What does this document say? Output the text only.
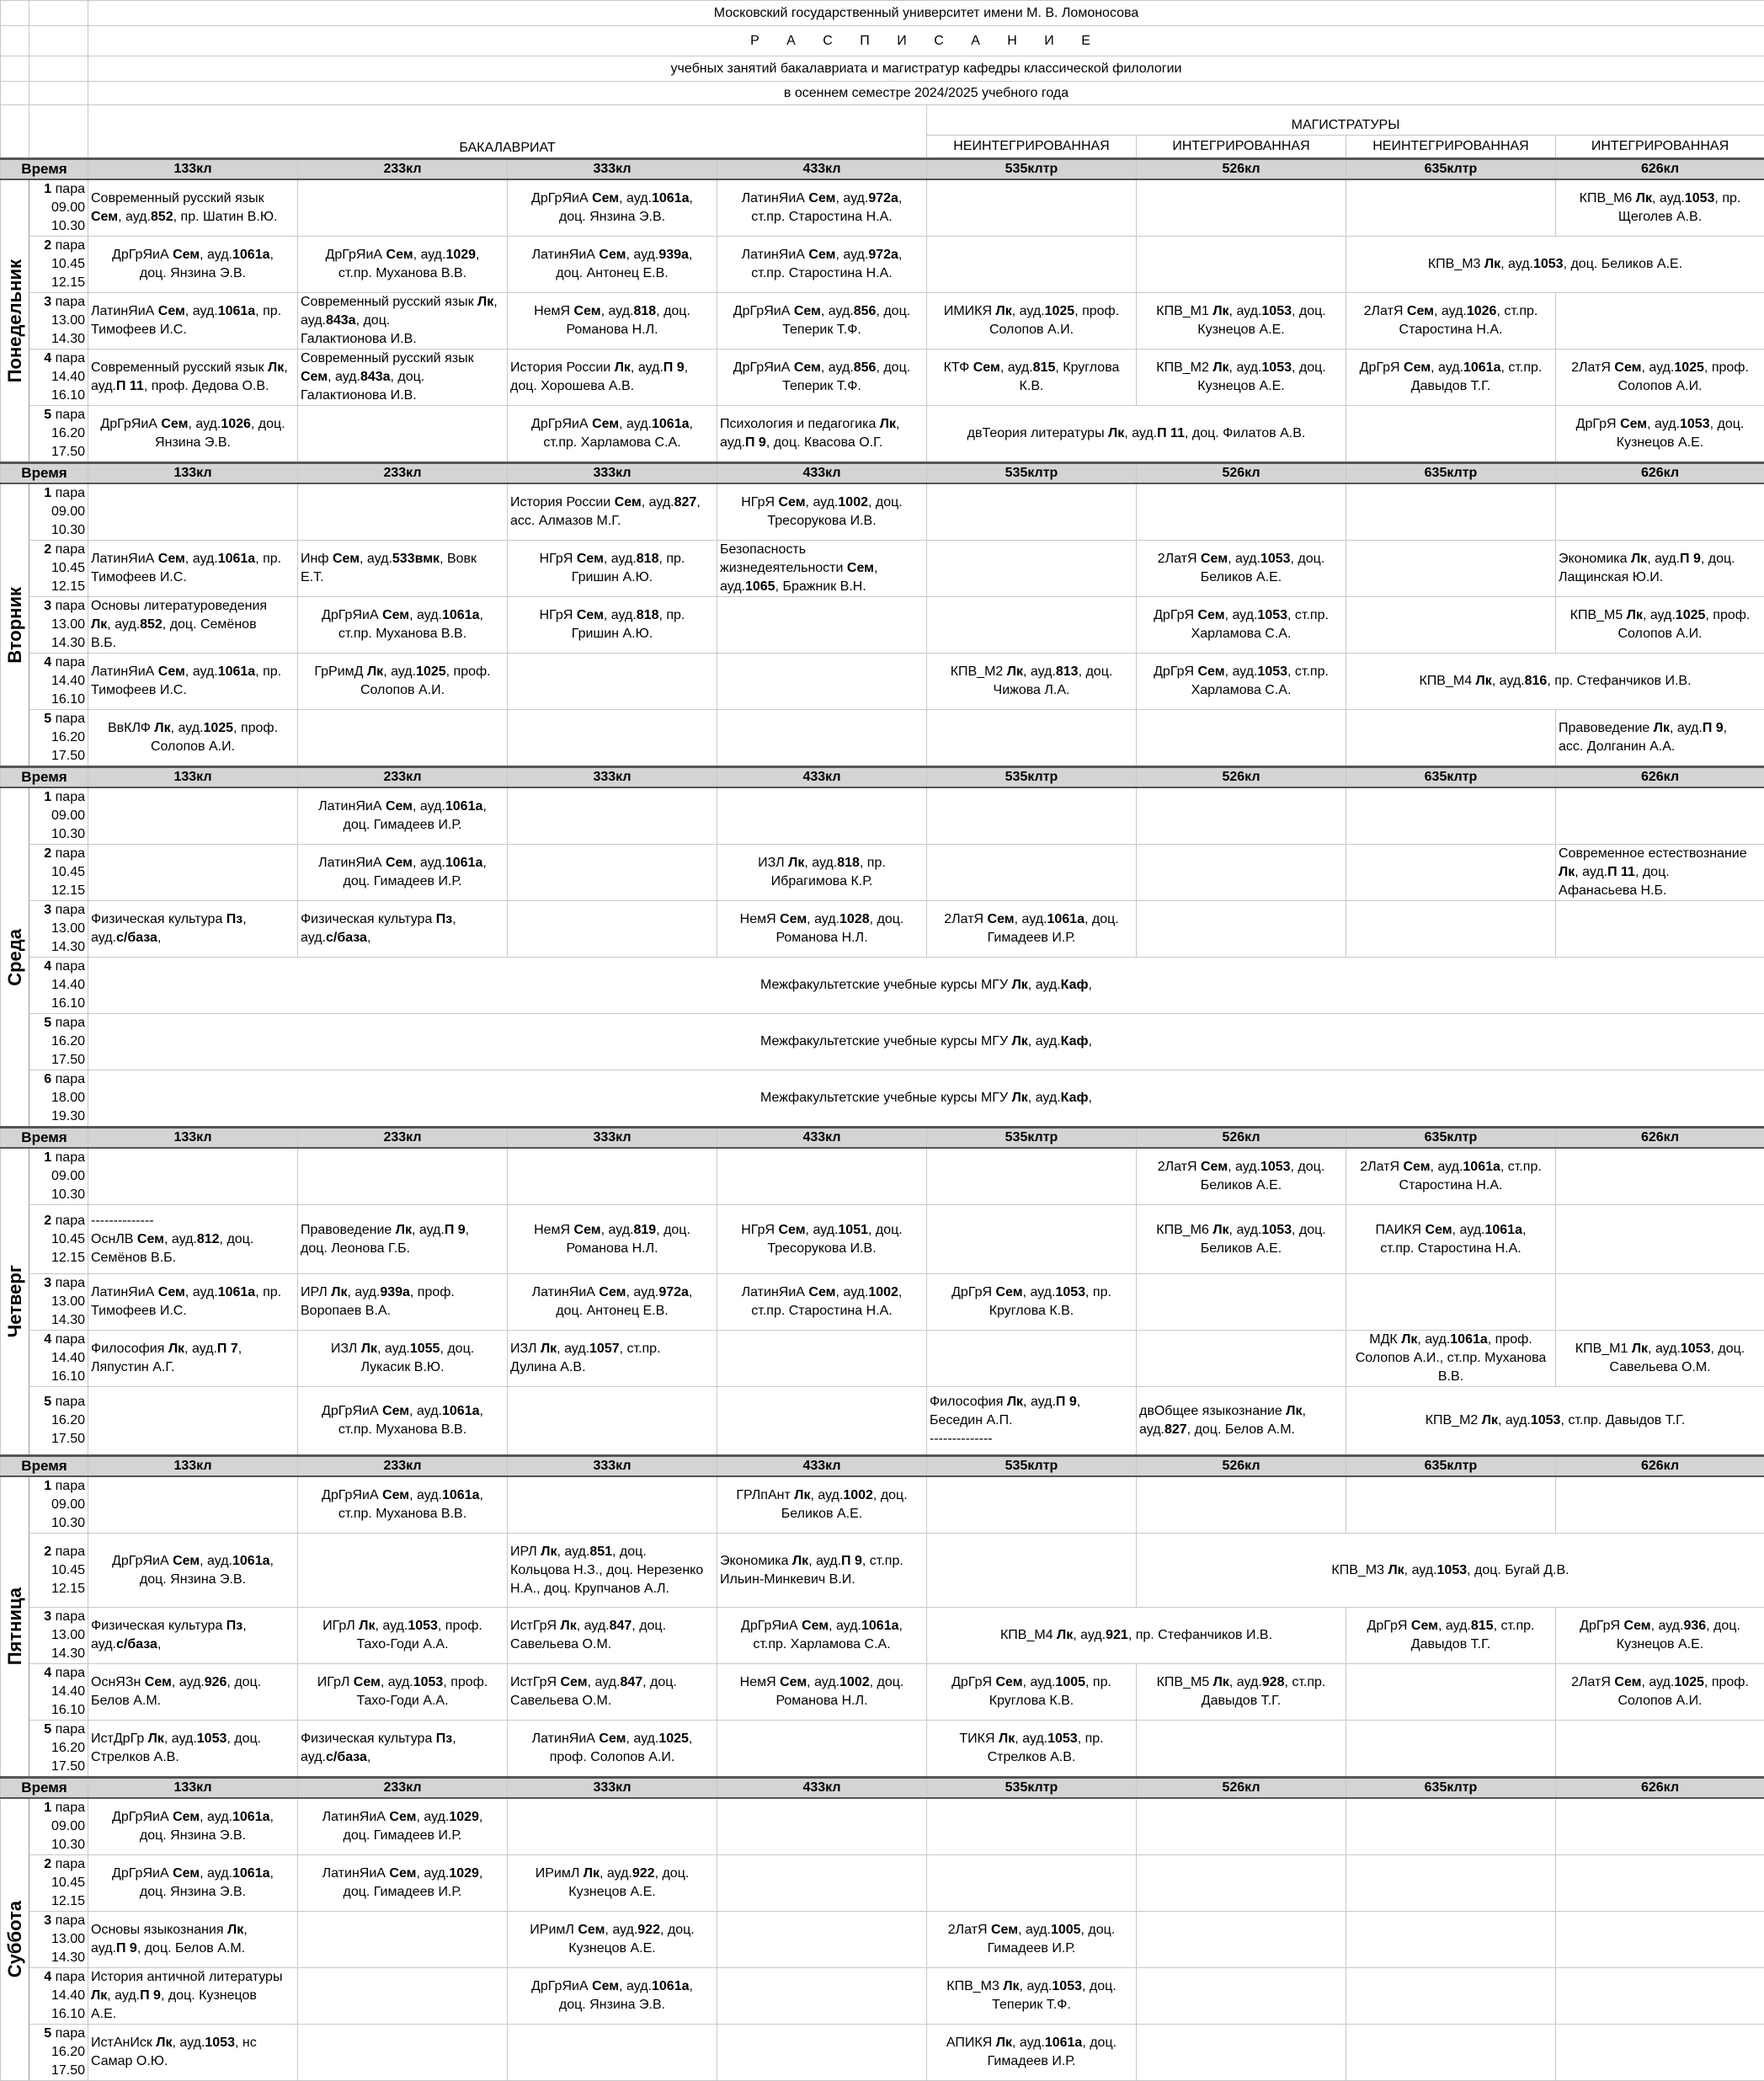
		Московский государственный университет имени М. В. Ломоносова							
		Р А С П И С А Н И Е							
		учебных занятий бакалавриата и магистратур кафедры классической филологии							
		в осеннем семестре 2024/2025 учебного года							
		БАКАЛАВРИАТ				МАГИСТРАТУРЫ			
						НЕИНТЕГРИРОВАННАЯ	ИНТЕГРИРОВАННАЯ	НЕИНТЕГРИРОВАННАЯ	ИНТЕГРИРОВАННАЯ
Время		133кл	233кл	333кл	433кл	535клтр	526кл	635клтр	626кл

Понедельник	1 пара
09.00
10.30	Современный русский язык Сем, ауд.852, пр. Шатин В.Ю.		ДрГрЯиА Сем, ауд.1061а,
доц. Янзина Э.В.	ЛатинЯиА Сем, ауд.972а,
ст.пр. Старостина Н.А.				КПВ_М6 Лк, ауд.1053, пр.
Щеголев А.В.

	2 пара
10.45
12.15	ДрГрЯиА Сем, ауд.1061а,
доц. Янзина Э.В.	ДрГрЯиА Сем, ауд.1029,
ст.пр. Муханова В.В.	ЛатинЯиА Сем, ауд.939а,
доц. Антонец Е.В.	ЛатинЯиА Сем, ауд.972а,
ст.пр. Старостина Н.А.			КПВ_М3 Лк, ауд.1053, доц. Беликов А.Е.	

	3 пара
13.00
14.30	ЛатинЯиА Сем, ауд.1061а, пр.
Тимофеев И.С.	Современный русский язык Лк, ауд.843а, доц.
Галактионова И.В.	НемЯ Сем, ауд.818, доц.
Романова Н.Л.	ДрГрЯиА Сем, ауд.856, доц.
Теперик Т.Ф.	ИМИКЯ Лк, ауд.1025, проф.
Солопов А.И.	КПВ_М1 Лк, ауд.1053, доц.
Кузнецов А.Е.	2ЛатЯ Сем, ауд.1026, ст.пр.
Старостина Н.А.	

	4 пара
14.40
16.10	Современный русский язык Лк, ауд.П 11, проф. Дедова О.В.	Современный русский язык Сем, ауд.843а, доц.
Галактионова И.В.	История России Лк, ауд.П 9,
доц. Хорошева А.В.	ДрГрЯиА Сем, ауд.856, доц.
Теперик Т.Ф.	КТФ Сем, ауд.815, Круглова
К.В.	КПВ_М2 Лк, ауд.1053, доц.
Кузнецов А.Е.	ДрГрЯ Сем, ауд.1061а, ст.пр.
Давыдов Т.Г.	2ЛатЯ Сем, ауд.1025, проф.
Солопов А.И.

	5 пара
16.20
17.50	ДрГрЯиА Сем, ауд.1026, доц.
Янзина Э.В.		ДрГрЯиА Сем, ауд.1061а,
ст.пр. Харламова С.А.	Психология и педагогика Лк,
ауд.П 9, доц. Квасова О.Г.	двТеория литературы Лк, ауд.П 11, доц. Филатов А.В.			ДрГрЯ Сем, ауд.1053, доц.
Кузнецов А.Е.

Время		133кл	233кл	333кл	433кл	535клтр	526кл	635клтр	626кл

Вторник	1 пара
09.00
10.30			История России Сем, ауд.827,
асс. Алмазов М.Г.	НГрЯ Сем, ауд.1002, доц.
Тресорукова И.В.				

	2 пара
10.45
12.15	ЛатинЯиА Сем, ауд.1061а, пр.
Тимофеев И.С.	Инф Сем, ауд.533вмк, Вовк
Е.Т.	НГрЯ Сем, ауд.818, пр.
Гришин А.Ю.	Безопасность
жизнедеятельности Сем,
ауд.1065, Бражник В.Н.		2ЛатЯ Сем, ауд.1053, доц.
Беликов А.Е.		Экономика Лк, ауд.П 9, доц.
Лащинская Ю.И.

	3 пара
13.00
14.30	Основы литературоведения
Лк, ауд.852, доц. Семёнов
В.Б.	ДрГрЯиА Сем, ауд.1061а,
ст.пр. Муханова В.В.	НГрЯ Сем, ауд.818, пр.
Гришин А.Ю.			ДрГрЯ Сем, ауд.1053, ст.пр.
Харламова С.А.		КПВ_М5 Лк, ауд.1025, проф.
Солопов А.И.

	4 пара
14.40
16.10	ЛатинЯиА Сем, ауд.1061а, пр.
Тимофеев И.С.	ГрРимД Лк, ауд.1025, проф.
Солопов А.И.			КПВ_М2 Лк, ауд.813, доц.
Чижова Л.А.	ДрГрЯ Сем, ауд.1053, ст.пр.
Харламова С.А.	КПВ_М4 Лк, ауд.816, пр. Стефанчиков И.В.	

	5 пара
16.20
17.50	ВвКЛФ Лк, ауд.1025, проф.
Солопов А.И.							Правоведение Лк, ауд.П 9,
асс. Долганин А.А.

Время		133кл	233кл	333кл	433кл	535клтр	526кл	635клтр	626кл

Среда	1 пара
09.00
10.30		ЛатинЯиА Сем, ауд.1061а,
доц. Гимадеев И.Р.						

	2 пара
10.45
12.15		ЛатинЯиА Сем, ауд.1061а,
доц. Гимадеев И.Р.		ИЗЛ Лк, ауд.818, пр.
Ибрагимова К.Р.				Современное естествознание
Лк, ауд.П 11, доц.
Афанасьева Н.Б.

	3 пара
13.00
14.30	Физическая культура Пз,
ауд.с/база,	Физическая культура Пз,
ауд.с/база,		НемЯ Сем, ауд.1028, доц.
Романова Н.Л.	2ЛатЯ Сем, ауд.1061а, доц.
Гимадеев И.Р.			

	4 пара
14.40
16.10	Межфакультетские учебные курсы МГУ Лк, ауд.Каф,							

	5 пара
16.20
17.50	Межфакультетские учебные курсы МГУ Лк, ауд.Каф,							

	6 пара
18.00
19.30	Межфакультетские учебные курсы МГУ Лк, ауд.Каф,							

Время		133кл	233кл	333кл	433кл	535клтр	526кл	635клтр	626кл

Четверг	1 пара
09.00
10.30						2ЛатЯ Сем, ауд.1053, доц.
Беликов А.Е.	2ЛатЯ Сем, ауд.1061а, ст.пр.
Старостина Н.А.	

	2 пара
10.45
12.15	--------------
ОснЛВ Сем, ауд.812, доц.
Семёнов В.Б.	Правоведение Лк, ауд.П 9,
доц. Леонова Г.Б.	НемЯ Сем, ауд.819, доц.
Романова Н.Л.	НГрЯ Сем, ауд.1051, доц.
Тресорукова И.В.		КПВ_М6 Лк, ауд.1053, доц.
Беликов А.Е.	ПАИКЯ Сем, ауд.1061а,
ст.пр. Старостина Н.А.	

	3 пара
13.00
14.30	ЛатинЯиА Сем, ауд.1061а, пр.
Тимофеев И.С.	ИРЛ Лк, ауд.939а, проф.
Воропаев В.А.	ЛатинЯиА Сем, ауд.972а,
доц. Антонец Е.В.	ЛатинЯиА Сем, ауд.1002,
ст.пр. Старостина Н.А.	ДрГрЯ Сем, ауд.1053, пр.
Круглова К.В.			

	4 пара
14.40
16.10	Философия Лк, ауд.П 7,
Ляпустин А.Г.	ИЗЛ Лк, ауд.1055, доц.
Лукасик В.Ю.	ИЗЛ Лк, ауд.1057, ст.пр.
Дулина А.В.				МДК Лк, ауд.1061а, проф.
Солопов А.И., ст.пр. Муханова
В.В.	КПВ_М1 Лк, ауд.1053, доц.
Савельева О.М.

	5 пара
16.20
17.50		ДрГрЯиА Сем, ауд.1061а,
ст.пр. Муханова В.В.			Философия Лк, ауд.П 9,
Беседин А.П.
--------------	двОбщее языкознание Лк,
ауд.827, доц. Белов А.М.	КПВ_М2 Лк, ауд.1053, ст.пр. Давыдов Т.Г.	

Время		133кл	233кл	333кл	433кл	535клтр	526кл	635клтр	626кл

Пятница	1 пара
09.00
10.30		ДрГрЯиА Сем, ауд.1061а,
ст.пр. Муханова В.В.		ГРЛпАнт Лк, ауд.1002, доц.
Беликов А.Е.				

	2 пара
10.45
12.15	ДрГрЯиА Сем, ауд.1061а,
доц. Янзина Э.В.		ИРЛ Лк, ауд.851, доц.
Кольцова Н.З., доц. Нерезенко
Н.А., доц. Крупчанов А.Л.	Экономика Лк, ауд.П 9, ст.пр.
Ильин-Минкевич В.И.		КПВ_М3 Лк, ауд.1053, доц. Бугай Д.В.		

	3 пара
13.00
14.30	Физическая культура Пз,
ауд.с/база,	ИГрЛ Лк, ауд.1053, проф.
Тахо-Годи А.А.	ИстГрЯ Лк, ауд.847, доц.
Савельева О.М.	ДрГрЯиА Сем, ауд.1061а,
ст.пр. Харламова С.А.	КПВ_М4 Лк, ауд.921, пр. Стефанчиков И.В.		ДрГрЯ Сем, ауд.815, ст.пр.
Давыдов Т.Г.	ДрГрЯ Сем, ауд.936, доц.
Кузнецов А.Е.

	4 пара
14.40
16.10	ОснЯЗн Сем, ауд.926, доц.
Белов А.М.	ИГрЛ Сем, ауд.1053, проф.
Тахо-Годи А.А.	ИстГрЯ Сем, ауд.847, доц.
Савельева О.М.	НемЯ Сем, ауд.1002, доц.
Романова Н.Л.	ДрГрЯ Сем, ауд.1005, пр.
Круглова К.В.	КПВ_М5 Лк, ауд.928, ст.пр.
Давыдов Т.Г.		2ЛатЯ Сем, ауд.1025, проф.
Солопов А.И.

	5 пара
16.20
17.50	ИстДрГр Лк, ауд.1053, доц.
Стрелков А.В.	Физическая культура Пз,
ауд.с/база,	ЛатинЯиА Сем, ауд.1025,
проф. Солопов А.И.		ТИКЯ Лк, ауд.1053, пр.
Стрелков А.В.			

Время		133кл	233кл	333кл	433кл	535клтр	526кл	635клтр	626кл

Суббота	1 пара
09.00
10.30	ДрГрЯиА Сем, ауд.1061а,
доц. Янзина Э.В.	ЛатинЯиА Сем, ауд.1029,
доц. Гимадеев И.Р.						

	2 пара
10.45
12.15	ДрГрЯиА Сем, ауд.1061а,
доц. Янзина Э.В.	ЛатинЯиА Сем, ауд.1029,
доц. Гимадеев И.Р.	ИРимЛ Лк, ауд.922, доц.
Кузнецов А.Е.					

	3 пара
13.00
14.30	Основы языкознания Лк,
ауд.П 9, доц. Белов А.М.		ИРимЛ Сем, ауд.922, доц.
Кузнецов А.Е.		2ЛатЯ Сем, ауд.1005, доц.
Гимадеев И.Р.			

	4 пара
14.40
16.10	История античной литературы
Лк, ауд.П 9, доц. Кузнецов
А.Е.		ДрГрЯиА Сем, ауд.1061а,
доц. Янзина Э.В.		КПВ_М3 Лк, ауд.1053, доц.
Теперик Т.Ф.			

	5 пара
16.20
17.50	ИстАнИск Лк, ауд.1053, нс
Самар О.Ю.				АПИКЯ Лк, ауд.1061а, доц.
Гимадеев И.Р.			
